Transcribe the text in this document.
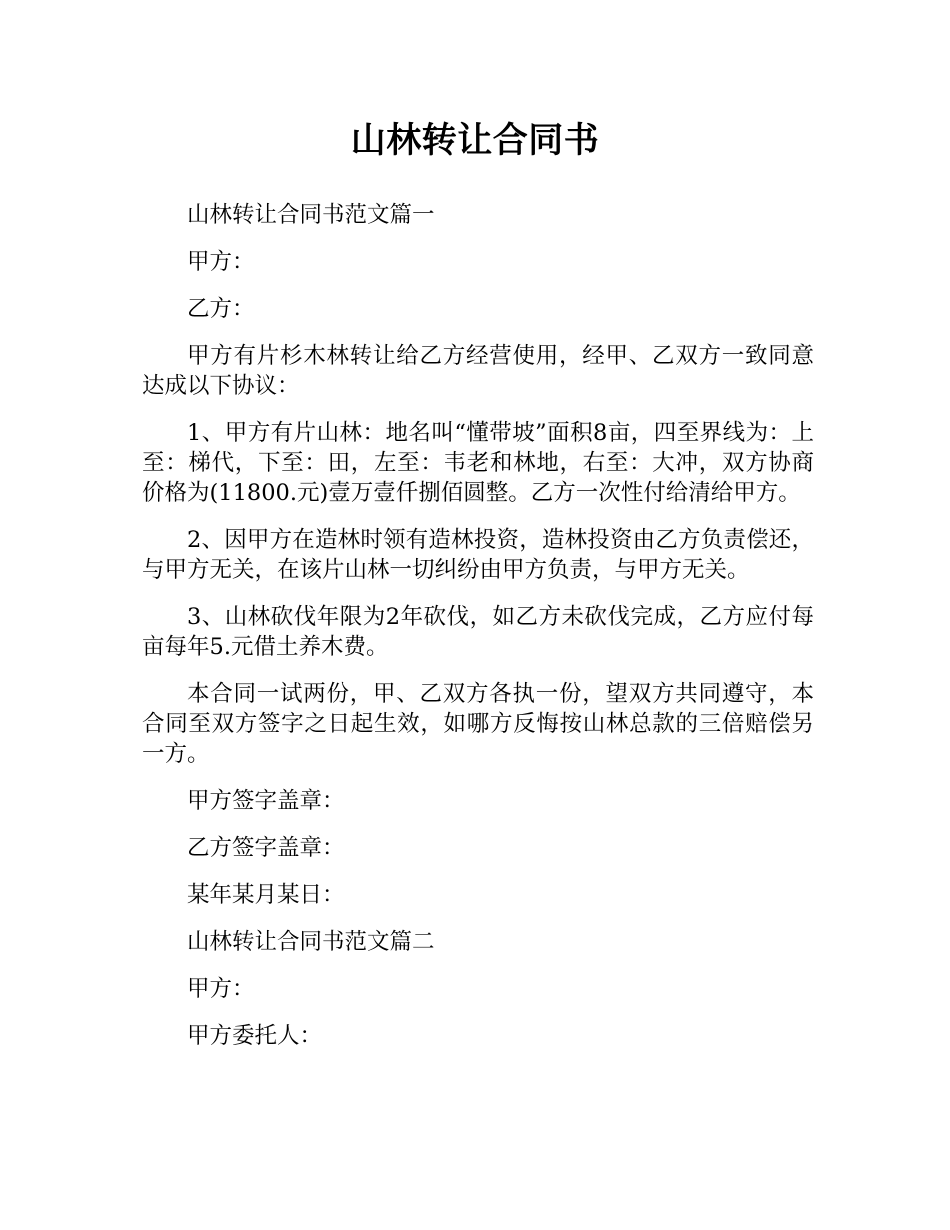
山林转让合同书

山林转让合同书范文篇一

甲方：

乙方：

甲方有片杉木林转让给乙方经营使用，经甲、乙双方一致同意达成以下协议：

1、甲方有片山林：地名叫“懂带坡”面积8亩，四至界线为：上至：梯代，下至：田，左至：韦老和林地，右至：大冲，双方协商价格为(11800.元)壹万壹仟捌佰圆整。乙方一次性付给清给甲方。

2、因甲方在造林时领有造林投资，造林投资由乙方负责偿还，与甲方无关，在该片山林一切纠纷由甲方负责，与甲方无关。

3、山林砍伐年限为2年砍伐，如乙方未砍伐完成，乙方应付每亩每年5.元借土养木费。

本合同一试两份，甲、乙双方各执一份，望双方共同遵守，本合同至双方签字之日起生效，如哪方反悔按山林总款的三倍赔偿另一方。

甲方签字盖章：

乙方签字盖章：

某年某月某日：

山林转让合同书范文篇二

甲方：

甲方委托人：
